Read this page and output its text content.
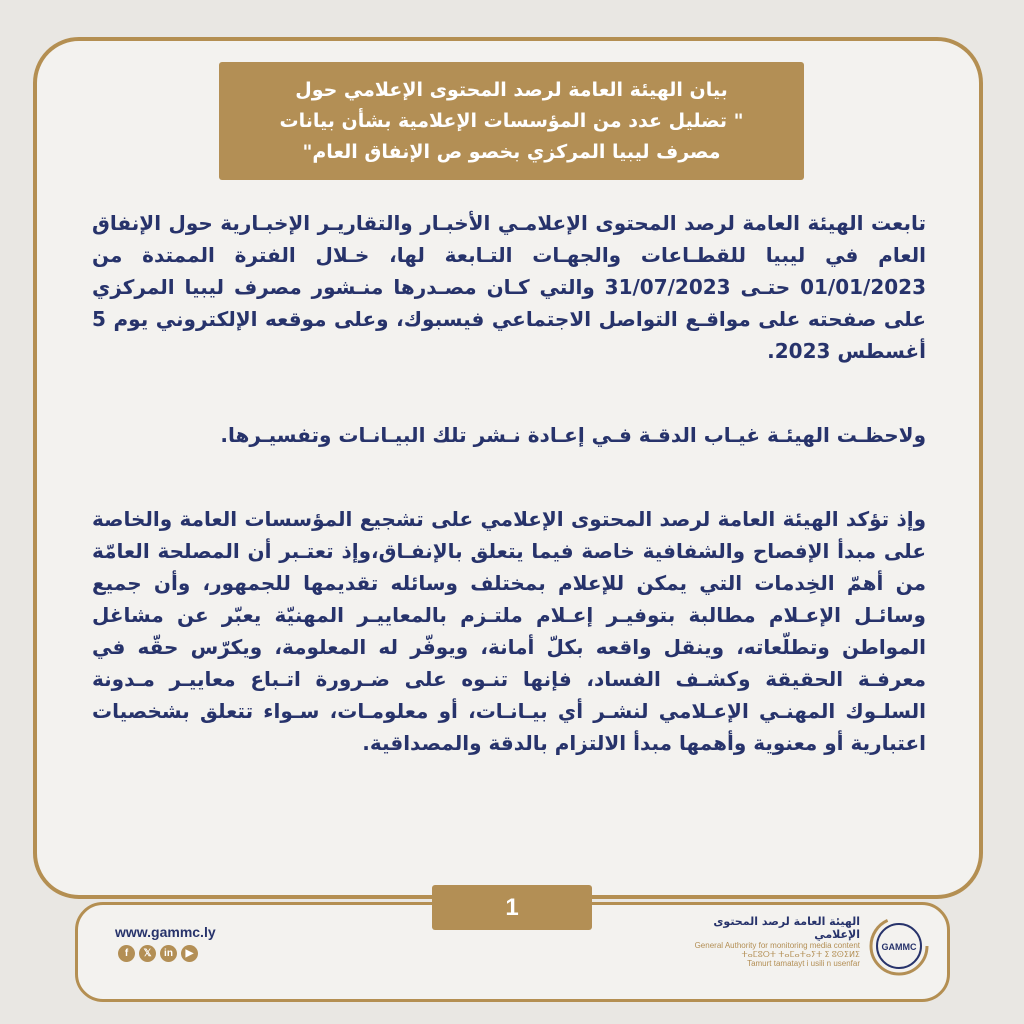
بيان الهيئة العامة لرصد المحتوى الإعلامي حول
" تضليل عدد من المؤسسات الإعلامية بشأن بيانات
مصرف ليبيا المركزي بخصو ص الإنفاق العام"

تابعت الهيئة العامة لرصد المحتوى الإعلامـي الأخبـار والتقاريـر الإخبـارية حول الإنفاق العام في ليبيا للقطـاعات والجهـات التـابعة لها، خـلال الفترة الممتدة من 01/01/2023 حتـى 31/07/2023 والتي كـان مصـدرها منـشور مصرف ليبيا المركزي على صفحته على مواقـع التواصل الاجتماعي فيسبوك، وعلى موقعه الإلكتروني يوم 5 أغسطس 2023.

ولاحظـت الهيئـة غيـاب الدقـة فـي إعـادة نـشر تلك البيـانـات وتفسيـرها.

وإذ تؤكد الهيئة العامة لرصد المحتوى الإعلامي على تشجيع المؤسسات العامة والخاصة على مبدأ الإفصاح والشفافية خاصة فيما يتعلق بالإنفـاق،وإذ تعتـبر أن المصلحة العامّة من أهمّ الخِدمات التي يمكن للإعلام بمختلف وسائله تقديمها للجمهور، وأن جميع وسائـل الإعـلام مطالبة بتوفيـر إعـلام ملتـزم بالمعاييـر المهنيّة يعبّر عن مشاغل المواطن وتطلّعاته، وينقل واقعه بكلّ أمانة، ويوفّر له المعلومة، ويكرّس حقّه في معرفـة الحقيقة وكشـف الفساد، فإنها تنـوه على ضـرورة اتـباع معاييـر مـدونة السلـوك المهنـي الإعـلامي لنشـر أي بيـانـات، أو معلومـات، سـواء تتعلق بشخصيات اعتبارية أو معنوية وأهمها مبدأ الالتزام بالدقة والمصداقية.

1
www.gammc.ly
f	𝕏	in	▶
الهيئة العامة لرصد المحتوى الإعلامي
General Authority for monitoring media content
ⵜⴰⵎⵓⵔⵜ ⵜⴰⵎⴰⵜⴰⵢⵜ ⵉ ⵓⵙⵉⵍⵉ
Tamurt tamatayt i usili n usenfar
GAMMC
